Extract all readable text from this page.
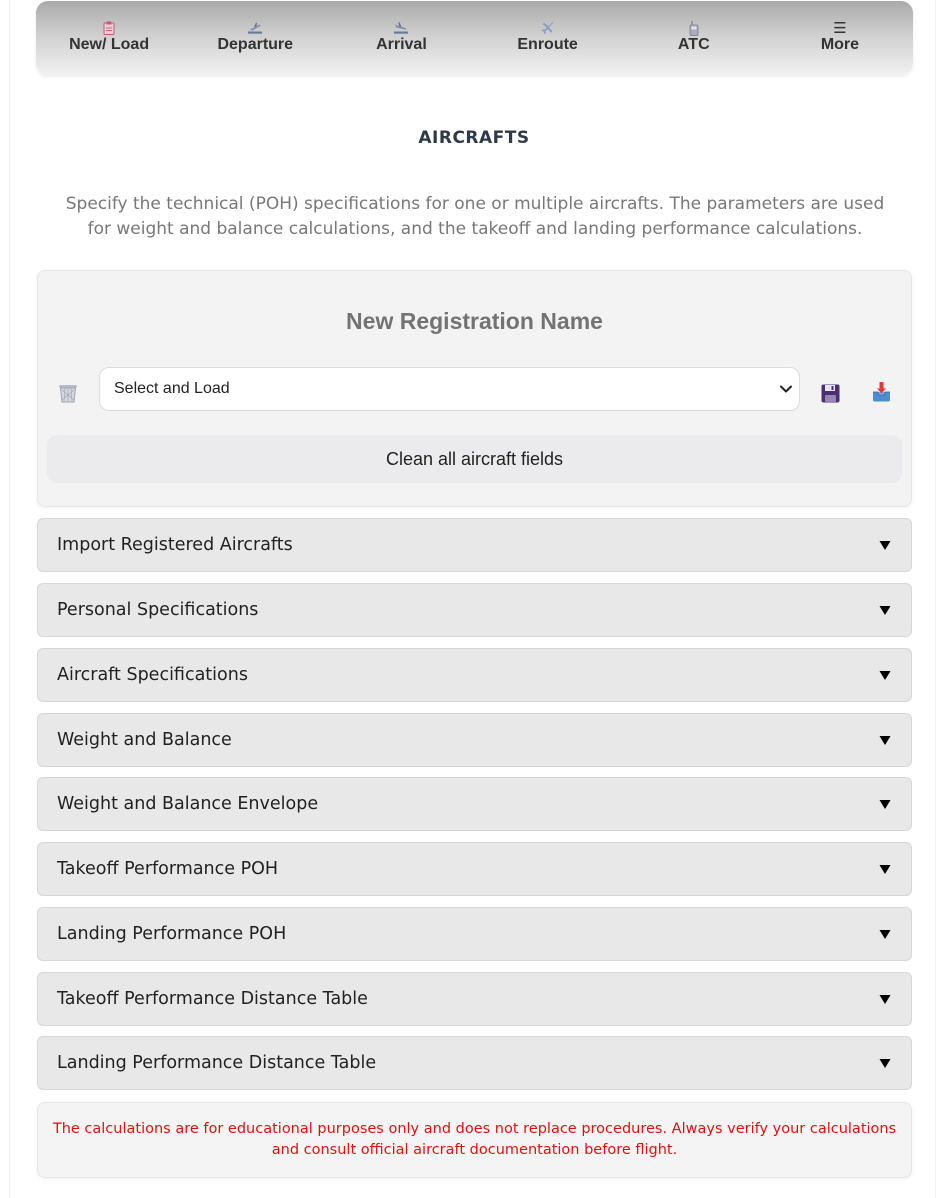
New/ Load	Departure	Arrival	Enroute	ATC
☰
More
AIRCRAFTS

Specify the technical (POH) specifications for one or multiple aircrafts. The parameters are used for weight and balance calculations, and the takeoff and landing performance calculations.

New Registration Name
Select and Load
Clean all aircraft fields
Import Registered Aircrafts
Personal Specifications
Aircraft Specifications
Weight and Balance
Weight and Balance Envelope
Takeoff Performance POH
Landing Performance POH
Takeoff Performance Distance Table
Landing Performance Distance Table
The calculations are for educational purposes only and does not replace procedures. Always verify your calculations and consult official aircraft documentation before flight.
